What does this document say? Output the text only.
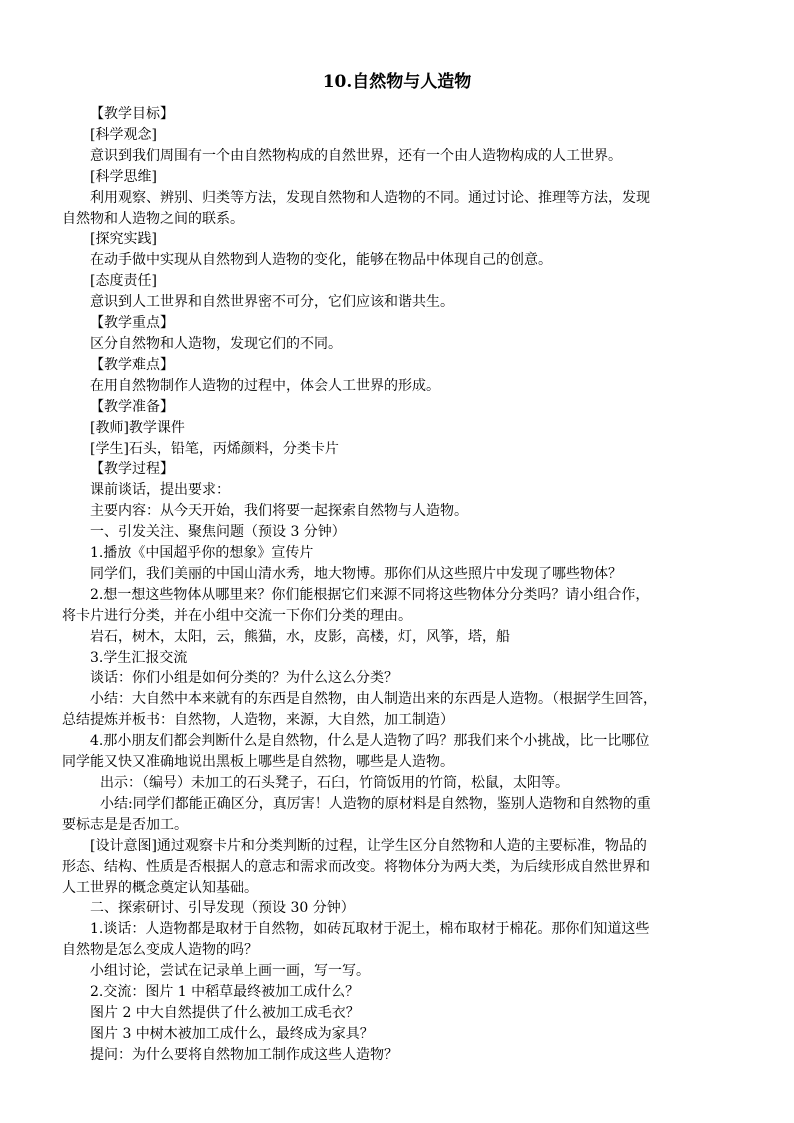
10.自然物与人造物
【教学目标】
[科学观念]
意识到我们周围有一个由自然物构成的自然世界，还有一个由人造物构成的人工世界。
[科学思维]
利用观察、辨别、归类等方法，发现自然物和人造物的不同。通过讨论、推理等方法，发现
自然物和人造物之间的联系。
[探究实践]
在动手做中实现从自然物到人造物的变化，能够在物品中体现自己的创意。
[态度责任]
意识到人工世界和自然世界密不可分，它们应该和谐共生。
【教学重点】
区分自然物和人造物，发现它们的不同。
【教学难点】
在用自然物制作人造物的过程中，体会人工世界的形成。
【教学准备】
[教师]教学课件
[学生]石头，铅笔，丙烯颜料，分类卡片
【教学过程】
课前谈话，提出要求：
主要内容：从今天开始，我们将要一起探索自然物与人造物。
一、引发关注、聚焦问题（预设 3 分钟）
1.播放《中国超乎你的想象》宣传片
同学们，我们美丽的中国山清水秀，地大物博。那你们从这些照片中发现了哪些物体？
2.想一想这些物体从哪里来？你们能根据它们来源不同将这些物体分分类吗？请小组合作，
将卡片进行分类，并在小组中交流一下你们分类的理由。
岩石，树木，太阳，云，熊猫，水，皮影，高楼，灯，风筝，塔，船
3.学生汇报交流
谈话：你们小组是如何分类的？为什么这么分类？
小结：大自然中本来就有的东西是自然物，由人制造出来的东西是人造物。（根据学生回答，
总结提炼并板书：自然物，人造物，来源，大自然，加工制造）
4.那小朋友们都会判断什么是自然物，什么是人造物了吗？那我们来个小挑战，比一比哪位
同学能又快又准确地说出黑板上哪些是自然物，哪些是人造物。
出示：（编号）未加工的石头凳子，石臼，竹筒饭用的竹筒，松鼠，太阳等。
小结:同学们都能正确区分，真厉害！人造物的原材料是自然物，鉴别人造物和自然物的重
要标志是是否加工。
[设计意图]通过观察卡片和分类判断的过程，让学生区分自然物和人造的主要标准，物品的
形态、结构、性质是否根据人的意志和需求而改变。将物体分为两大类，为后续形成自然世界和
人工世界的概念奠定认知基础。
二、探索研讨、引导发现（预设 30 分钟）
1.谈话：人造物都是取材于自然物，如砖瓦取材于泥土，棉布取材于棉花。那你们知道这些
自然物是怎么变成人造物的吗？
小组讨论，尝试在记录单上画一画，写一写。
2.交流：图片 1 中稻草最终被加工成什么？
图片 2 中大自然提供了什么被加工成毛衣？
图片 3 中树木被加工成什么，最终成为家具？
提问：为什么要将自然物加工制作成这些人造物？
